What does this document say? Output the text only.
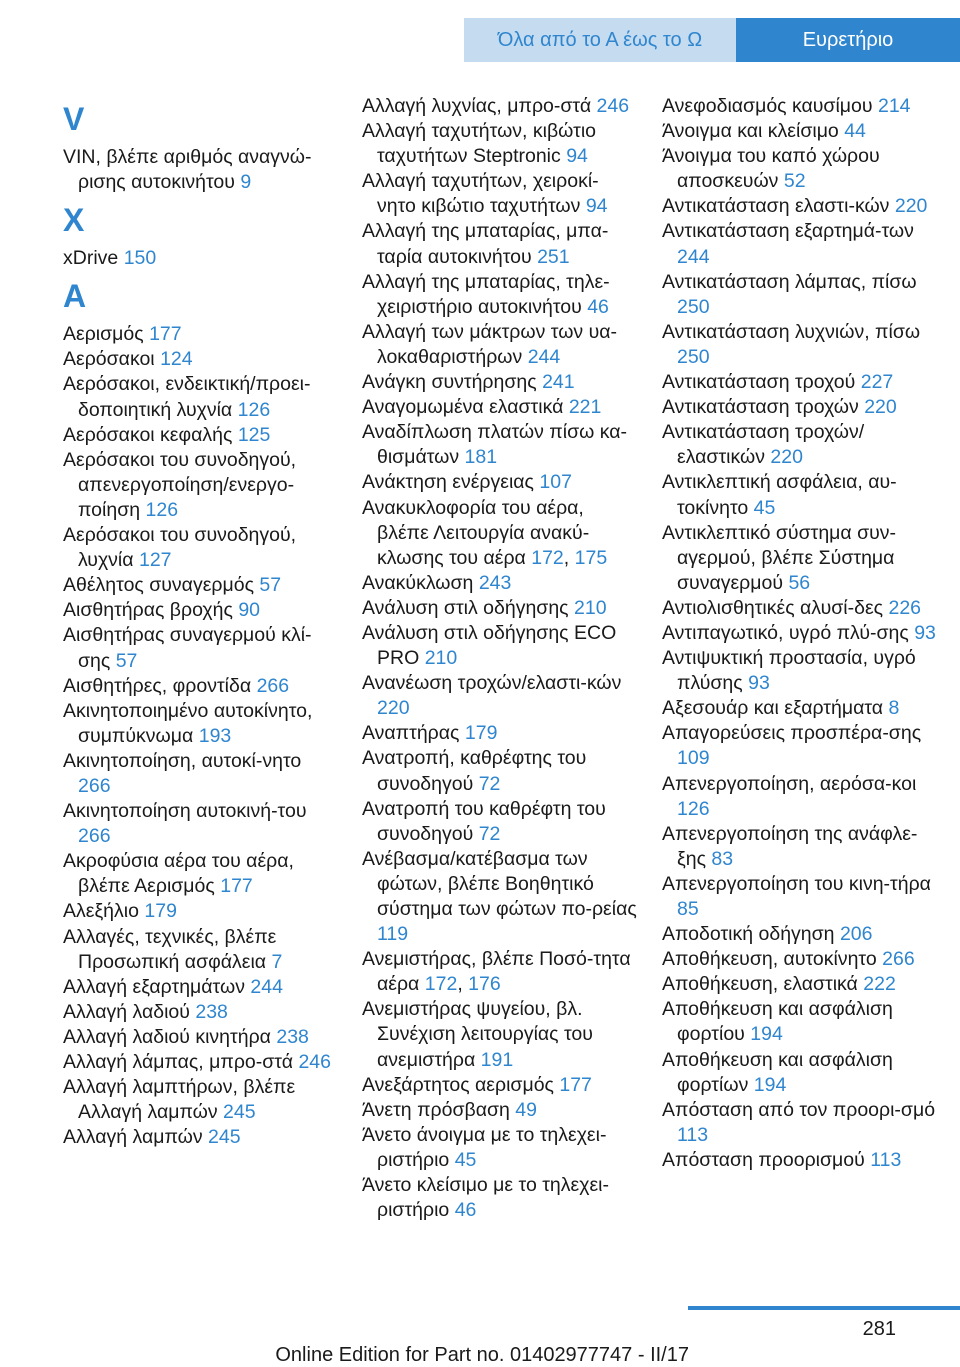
Όλα από το Α έως το Ω	Ευρετήριο
V
VIN, βλέπε αριθμός αναγνώ‐ρισης αυτοκινήτου 9
X
xDrive 150
Α
Αερισμός 177
Αερόσακοι 124
Αερόσακοι, ενδεικτική/προει‐δοποιητική λυχνία 126
Αερόσακοι κεφαλής 125
Αερόσακοι του συνοδηγού, απενεργοποίηση/ενεργο‐ποίηση 126
Αερόσακοι του συνοδηγού, λυχνία 127
Αθέλητος συναγερμός 57
Αισθητήρας βροχής 90
Αισθητήρας συναγερμού κλί‐σης 57
Αισθητήρες, φροντίδα 266
Ακινητοποιημένο αυτοκίνητο, συμπύκνωμα 193
Ακινητοποίηση, αυτοκί‐νητο 266
Ακινητοποίηση αυτοκινή‐του 266
Ακροφύσια αέρα του αέρα, βλέπε Αερισμός 177
Αλεξήλιο 179
Αλλαγές, τεχνικές, βλέπε Προσωπική ασφάλεια 7
Αλλαγή εξαρτημάτων 244
Αλλαγή λαδιού 238
Αλλαγή λαδιού κινητήρα 238
Αλλαγή λάμπας, μπρο‐στά 246
Αλλαγή λαμπτήρων, βλέπε Αλλαγή λαμπών 245
Αλλαγή λαμπών 245
Αλλαγή λυχνίας, μπρο‐στά 246
Αλλαγή ταχυτήτων, κιβώτιο ταχυτήτων Steptronic 94
Αλλαγή ταχυτήτων, χειροκί‐νητο κιβώτιο ταχυτήτων 94
Αλλαγή της μπαταρίας, μπα‐ταρία αυτοκινήτου 251
Αλλαγή της μπαταρίας, τηλε‐χειριστήριο αυτοκινήτου 46
Αλλαγή των μάκτρων των υα‐λοκαθαριστήρων 244
Ανάγκη συντήρησης 241
Αναγομωμένα ελαστικά 221
Αναδίπλωση πλατών πίσω κα‐θισμάτων 181
Ανάκτηση ενέργειας 107
Ανακυκλοφορία του αέρα, βλέπε Λειτουργία ανακύ‐κλωσης του αέρα 172, 175
Ανακύκλωση 243
Ανάλυση στιλ οδήγησης 210
Ανάλυση στιλ οδήγησης ECO PRO 210
Ανανέωση τροχών/ελαστι‐κών 220
Αναπτήρας 179
Ανατροπή, καθρέφτης του συνοδηγού 72
Ανατροπή του καθρέφτη του συνοδηγού 72
Ανέβασμα/κατέβασμα των φώτων, βλέπε Βοηθητικό σύστημα των φώτων πο‐ρείας 119
Ανεμιστήρας, βλέπε Ποσό‐τητα αέρα 172, 176
Ανεμιστήρας ψυγείου, βλ. Συνέχιση λειτουργίας του ανεμιστήρα 191
Ανεξάρτητος αερισμός 177
Άνετη πρόσβαση 49
Άνετο άνοιγμα με το τηλεχει‐ριστήριο 45
Άνετο κλείσιμο με το τηλεχει‐ριστήριο 46
Ανεφοδιασμός καυσίμου 214
Άνοιγμα και κλείσιμο 44
Άνοιγμα του καπό χώρου αποσκευών 52
Αντικατάσταση ελαστι‐κών 220
Αντικατάσταση εξαρτημά‐των 244
Αντικατάσταση λάμπας, πίσω 250
Αντικατάσταση λυχνιών, πίσω 250
Αντικατάσταση τροχού 227
Αντικατάσταση τροχών 220
Αντικατάσταση τροχών/ ελαστικών 220
Αντικλεπτική ασφάλεια, αυ‐τοκίνητο 45
Αντικλεπτικό σύστημα συν‐αγερμού, βλέπε Σύστημα συναγερμού 56
Αντιολισθητικές αλυσί‐δες 226
Αντιπαγωτικό, υγρό πλύ‐σης 93
Αντιψυκτική προστασία, υγρό πλύσης 93
Αξεσουάρ και εξαρτήματα 8
Απαγορεύσεις προσπέρα‐σης 109
Απενεργοποίηση, αερόσα‐κοι 126
Απενεργοποίηση της ανάφλε‐ξης 83
Απενεργοποίηση του κινη‐τήρα 85
Αποδοτική οδήγηση 206
Αποθήκευση, αυτοκίνητο 266
Αποθήκευση, ελαστικά 222
Αποθήκευση και ασφάλιση φορτίου 194
Αποθήκευση και ασφάλιση φορτίων 194
Απόσταση από τον προορι‐σμό 113
Απόσταση προορισμού 113
281
Online Edition for Part no. 01402977747 - II/17
